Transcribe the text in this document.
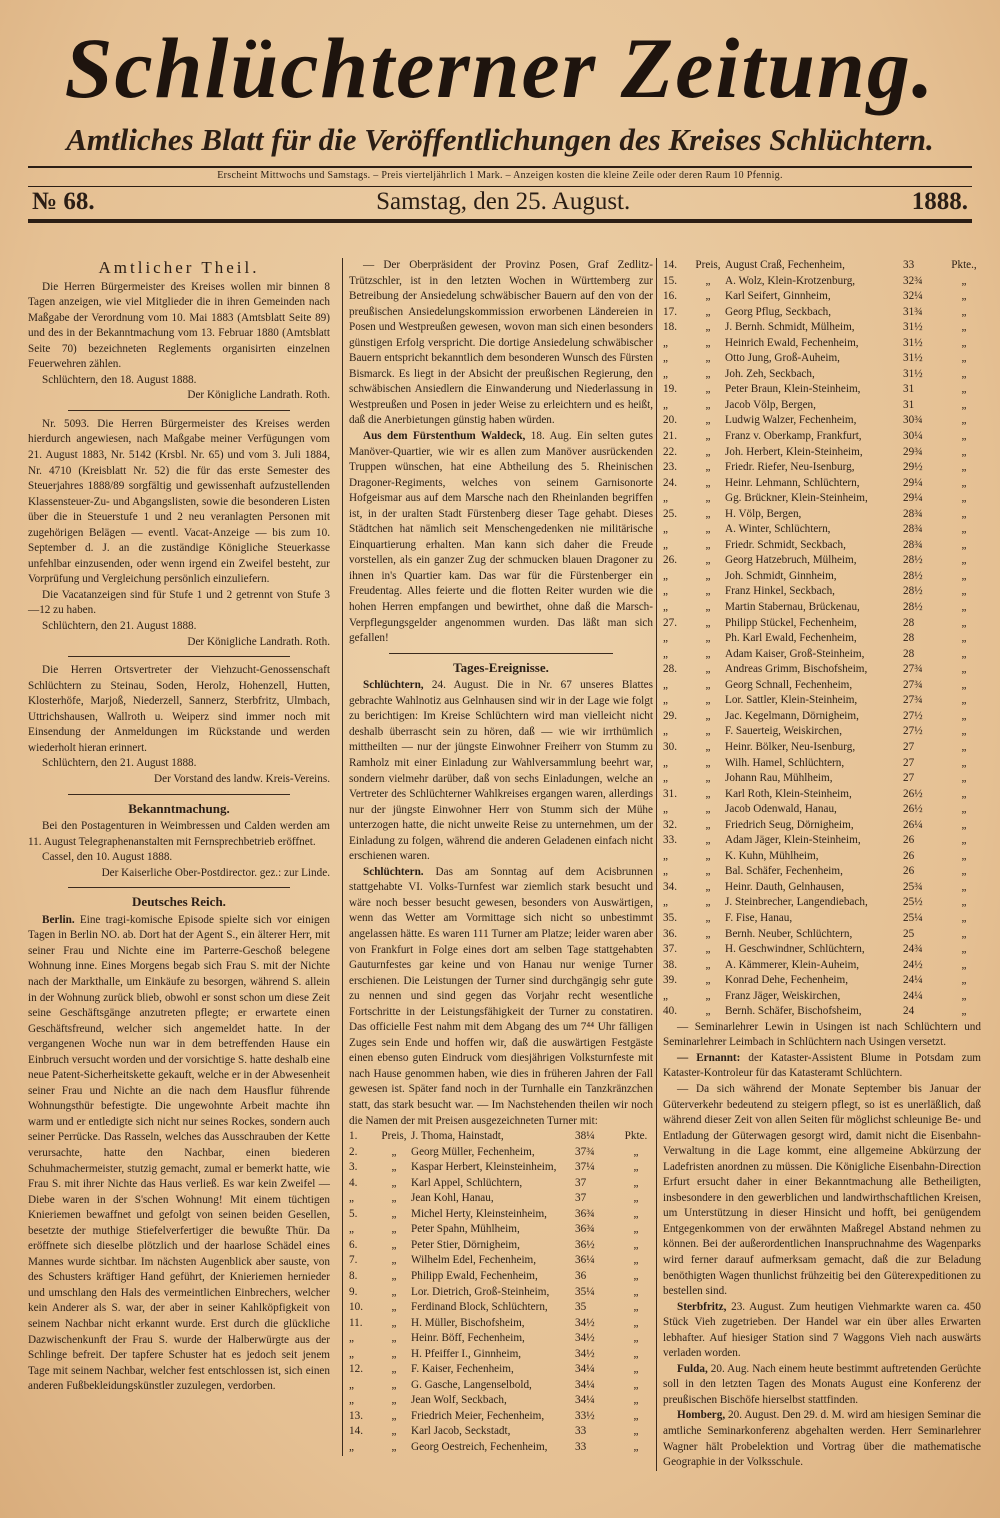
Schlüchterner Zeitung.
Amtliches Blatt für die Veröffentlichungen des Kreises Schlüchtern.
Erscheint Mittwochs und Samstags. – Preis vierteljährlich 1 Mark. – Anzeigen kosten die kleine Zeile oder deren Raum 10 Pfennig.
№ 68.	Samstag, den 25. August.	1888.
Amtlicher Theil.

Die Herren Bürgermeister des Kreises wollen mir binnen 8 Tagen anzeigen, wie viel Mitglieder die in ihren Gemeinden nach Maßgabe der Verordnung vom 10. Mai 1883 (Amtsblatt Seite 89) und des in der Bekanntmachung vom 13. Februar 1880 (Amtsblatt Seite 70) bezeichneten Reglements organisirten einzelnen Feuerwehren zählen.

Schlüchtern, den 18. August 1888.

Der Königliche Landrath. Roth.

Nr. 5093. Die Herren Bürgermeister des Kreises werden hierdurch angewiesen, nach Maßgabe meiner Verfügungen vom 21. August 1883, Nr. 5142 (Krsbl. Nr. 65) und vom 3. Juli 1884, Nr. 4710 (Kreisblatt Nr. 52) die für das erste Semester des Steuerjahres 1888/89 sorgfältig und gewissenhaft aufzustellenden Klassensteuer-Zu- und Abgangslisten, sowie die besonderen Listen über die in Steuerstufe 1 und 2 neu veranlagten Personen mit zugehörigen Belägen — eventl. Vacat-Anzeige — bis zum 10. September d. J. an die zuständige Königliche Steuerkasse unfehlbar einzusenden, oder wenn irgend ein Zweifel besteht, zur Vorprüfung und Vergleichung persönlich einzuliefern.

Die Vacatanzeigen sind für Stufe 1 und 2 getrennt von Stufe 3—12 zu haben.

Schlüchtern, den 21. August 1888.

Der Königliche Landrath. Roth.

Die Herren Ortsvertreter der Viehzucht-Genossenschaft Schlüchtern zu Steinau, Soden, Herolz, Hohenzell, Hutten, Klosterhöfe, Marjoß, Niederzell, Sannerz, Sterbfritz, Ulmbach, Uttrichshausen, Wallroth u. Weiperz sind immer noch mit Einsendung der Anmeldungen im Rückstande und werden wiederholt hieran erinnert.

Schlüchtern, den 21. August 1888.

Der Vorstand des landw. Kreis-Vereins.

Bekanntmachung.

Bei den Postagenturen in Weimbressen und Calden werden am 11. August Telegraphenanstalten mit Fernsprechbetrieb eröffnet.

Cassel, den 10. August 1888.

Der Kaiserliche Ober-Postdirector. gez.: zur Linde.

Deutsches Reich.

Berlin. Eine tragi-komische Episode spielte sich vor einigen Tagen in Berlin NO. ab. Dort hat der Agent S., ein älterer Herr, mit seiner Frau und Nichte eine im Parterre-Geschoß belegene Wohnung inne. Eines Morgens begab sich Frau S. mit der Nichte nach der Markthalle, um Einkäufe zu besorgen, während S. allein in der Wohnung zurück blieb, obwohl er sonst schon um diese Zeit seine Geschäftsgänge anzutreten pflegte; er erwartete einen Geschäftsfreund, welcher sich angemeldet hatte. In der vergangenen Woche nun war in dem betreffenden Hause ein Einbruch versucht worden und der vorsichtige S. hatte deshalb eine neue Patent-Sicherheitskette gekauft, welche er in der Abwesenheit seiner Frau und Nichte an die nach dem Hausflur führende Wohnungsthür befestigte. Die ungewohnte Arbeit machte ihn warm und er entledigte sich nicht nur seines Rockes, sondern auch seiner Perrücke. Das Rasseln, welches das Ausschrauben der Kette verursachte, hatte den Nachbar, einen biederen Schuhmachermeister, stutzig gemacht, zumal er bemerkt hatte, wie Frau S. mit ihrer Nichte das Haus verließ. Es war kein Zweifel — Diebe waren in der S'schen Wohnung! Mit einem tüchtigen Knieriemen bewaffnet und gefolgt von seinen beiden Gesellen, besetzte der muthige Stiefelverfertiger die bewußte Thür. Da eröffnete sich dieselbe plötzlich und der haarlose Schädel eines Mannes wurde sichtbar. Im nächsten Augenblick aber sauste, von des Schusters kräftiger Hand geführt, der Knieriemen hernieder und umschlang den Hals des vermeintlichen Einbrechers, welcher kein Anderer als S. war, der aber in seiner Kahlköpfigkeit von seinem Nachbar nicht erkannt wurde. Erst durch die glückliche Dazwischenkunft der Frau S. wurde der Halberwürgte aus der Schlinge befreit. Der tapfere Schuster hat es jedoch seit jenem Tage mit seinem Nachbar, welcher fest entschlossen ist, sich einen anderen Fußbekleidungskünstler zuzulegen, verdorben.

— Der Oberpräsident der Provinz Posen, Graf Zedlitz-Trützschler, ist in den letzten Wochen in Württemberg zur Betreibung der Ansiedelung schwäbischer Bauern auf den von der preußischen Ansiedelungskommission erworbenen Ländereien in Posen und Westpreußen gewesen, wovon man sich einen besonders günstigen Erfolg verspricht. Die dortige Ansiedelung schwäbischer Bauern entspricht bekanntlich dem besonderen Wunsch des Fürsten Bismarck. Es liegt in der Absicht der preußischen Regierung, den schwäbischen Ansiedlern die Einwanderung und Niederlassung in Westpreußen und Posen in jeder Weise zu erleichtern und es heißt, daß die Anerbietungen günstig haben würden.

Aus dem Fürstenthum Waldeck, 18. Aug. Ein selten gutes Manöver-Quartier, wie wir es allen zum Manöver ausrückenden Truppen wünschen, hat eine Abtheilung des 5. Rheinischen Dragoner-Regiments, welches von seinem Garnisonorte Hofgeismar aus auf dem Marsche nach den Rheinlanden begriffen ist, in der uralten Stadt Fürstenberg dieser Tage gehabt. Dieses Städtchen hat nämlich seit Menschengedenken nie militärische Einquartierung erhalten. Man kann sich daher die Freude vorstellen, als ein ganzer Zug der schmucken blauen Dragoner zu ihnen in's Quartier kam. Das war für die Fürstenberger ein Freudentag. Alles feierte und die flotten Reiter wurden wie die hohen Herren empfangen und bewirthet, ohne daß die Marsch-Verpflegungsgelder angenommen wurden. Das läßt man sich gefallen!

Tages-Ereignisse.

Schlüchtern, 24. August. Die in Nr. 67 unseres Blattes gebrachte Wahlnotiz aus Gelnhausen sind wir in der Lage wie folgt zu berichtigen: Im Kreise Schlüchtern wird man vielleicht nicht deshalb überrascht sein zu hören, daß — wie wir irrthümlich mittheilten — nur der jüngste Einwohner Freiherr von Stumm zu Ramholz mit einer Einladung zur Wahlversammlung beehrt war, sondern vielmehr darüber, daß von sechs Einladungen, welche an Vertreter des Schlüchterner Wahlkreises ergangen waren, allerdings nur der jüngste Einwohner Herr von Stumm sich der Mühe unterzogen hatte, die nicht unweite Reise zu unternehmen, um der Einladung zu folgen, während die anderen Geladenen einfach nicht erschienen waren.

Schlüchtern. Das am Sonntag auf dem Acisbrunnen stattgehabte VI. Volks-Turnfest war ziemlich stark besucht und wäre noch besser besucht gewesen, besonders von Auswärtigen, wenn das Wetter am Vormittage sich nicht so unbestimmt angelassen hätte. Es waren 111 Turner am Platze; leider waren aber von Frankfurt in Folge eines dort am selben Tage stattgehabten Gauturnfestes gar keine und von Hanau nur wenige Turner erschienen. Die Leistungen der Turner sind durchgängig sehr gute zu nennen und sind gegen das Vorjahr recht wesentliche Fortschritte in der Leistungsfähigkeit der Turner zu constatiren. Das officielle Fest nahm mit dem Abgang des um 7⁴⁴ Uhr fälligen Zuges sein Ende und hoffen wir, daß die auswärtigen Festgäste einen ebenso guten Eindruck vom diesjährigen Volksturnfeste mit nach Hause genommen haben, wie dies in früheren Jahren der Fall gewesen ist. Später fand noch in der Turnhalle ein Tanzkränzchen statt, das stark besucht war. — Im Nachstehenden theilen wir noch die Namen der mit Preisen ausgezeichneten Turner mit:

1.	Preis,	J. Thoma, Hainstadt,	38¼	Pkte.
2.	„	Georg Müller, Fechenheim,	37¾	„
3.	„	Kaspar Herbert, Kleinsteinheim,	37¼	„
4.	„	Karl Appel, Schlüchtern,	37	„
„	„	Jean Kohl, Hanau,	37	„
5.	„	Michel Herty, Kleinsteinheim,	36¾	„
„	„	Peter Spahn, Mühlheim,	36¾	„
6.	„	Peter Stier, Dörnigheim,	36½	„
7.	„	Wilhelm Edel, Fechenheim,	36¼	„
8.	„	Philipp Ewald, Fechenheim,	36	„
9.	„	Lor. Dietrich, Groß-Steinheim,	35¼	„
10.	„	Ferdinand Block, Schlüchtern,	35	„
11.	„	H. Müller, Bischofsheim,	34½	„
„	„	Heinr. Böff, Fechenheim,	34½	„
„	„	H. Pfeiffer I., Ginnheim,	34½	„
12.	„	F. Kaiser, Fechenheim,	34¼	„
„	„	G. Gasche, Langenselbold,	34¼	„
„	„	Jean Wolf, Seckbach,	34¼	„
13.	„	Friedrich Meier, Fechenheim,	33½	„
14.	„	Karl Jacob, Seckstadt,	33	„
„	„	Georg Oestreich, Fechenheim,	33	„
14.	Preis,	August Craß, Fechenheim,	33	Pkte.,
15.	„	A. Wolz, Klein-Krotzenburg,	32¾	„
16.	„	Karl Seifert, Ginnheim,	32¼	„
17.	„	Georg Pflug, Seckbach,	31¾	„
18.	„	J. Bernh. Schmidt, Mülheim,	31½	„
„	„	Heinrich Ewald, Fechenheim,	31½	„
„	„	Otto Jung, Groß-Auheim,	31½	„
„	„	Joh. Zeh, Seckbach,	31½	„
19.	„	Peter Braun, Klein-Steinheim,	31	„
„	„	Jacob Völp, Bergen,	31	„
20.	„	Ludwig Walzer, Fechenheim,	30¾	„
21.	„	Franz v. Oberkamp, Frankfurt,	30¼	„
22.	„	Joh. Herbert, Klein-Steinheim,	29¾	„
23.	„	Friedr. Riefer, Neu-Isenburg,	29½	„
24.	„	Heinr. Lehmann, Schlüchtern,	29¼	„
„	„	Gg. Brückner, Klein-Steinheim,	29¼	„
25.	„	H. Völp, Bergen,	28¾	„
„	„	A. Winter, Schlüchtern,	28¾	„
„	„	Friedr. Schmidt, Seckbach,	28¾	„
26.	„	Georg Hatzebruch, Mülheim,	28½	„
„	„	Joh. Schmidt, Ginnheim,	28½	„
„	„	Franz Hinkel, Seckbach,	28½	„
„	„	Martin Stabernau, Brückenau,	28½	„
27.	„	Philipp Stückel, Fechenheim,	28	„
„	„	Ph. Karl Ewald, Fechenheim,	28	„
„	„	Adam Kaiser, Groß-Steinheim,	28	„
28.	„	Andreas Grimm, Bischofsheim,	27¾	„
„	„	Georg Schnall, Fechenheim,	27¾	„
„	„	Lor. Sattler, Klein-Steinheim,	27¾	„
29.	„	Jac. Kegelmann, Dörnigheim,	27½	„
„	„	F. Sauerteig, Weiskirchen,	27½	„
30.	„	Heinr. Bölker, Neu-Isenburg,	27	„
„	„	Wilh. Hamel, Schlüchtern,	27	„
„	„	Johann Rau, Mühlheim,	27	„
31.	„	Karl Roth, Klein-Steinheim,	26½	„
„	„	Jacob Odenwald, Hanau,	26½	„
32.	„	Friedrich Seug, Dörnigheim,	26¼	„
33.	„	Adam Jäger, Klein-Steinheim,	26	„
„	„	K. Kuhn, Mühlheim,	26	„
„	„	Bal. Schäfer, Fechenheim,	26	„
34.	„	Heinr. Dauth, Gelnhausen,	25¾	„
„	„	J. Steinbrecher, Langendiebach,	25½	„
35.	„	F. Fise, Hanau,	25¼	„
36.	„	Bernh. Neuber, Schlüchtern,	25	„
37.	„	H. Geschwindner, Schlüchtern,	24¾	„
38.	„	A. Kämmerer, Klein-Auheim,	24½	„
39.	„	Konrad Dehe, Fechenheim,	24¼	„
„	„	Franz Jäger, Weiskirchen,	24¼	„
40.	„	Bernh. Schäfer, Bischofsheim,	24	„

— Seminarlehrer Lewin in Usingen ist nach Schlüchtern und Seminarlehrer Leimbach in Schlüchtern nach Usingen versetzt.

— Ernannt: der Kataster-Assistent Blume in Potsdam zum Kataster-Kontroleur für das Katasteramt Schlüchtern.

— Da sich während der Monate September bis Januar der Güterverkehr bedeutend zu steigern pflegt, so ist es unerläßlich, daß während dieser Zeit von allen Seiten für möglichst schleunige Be- und Entladung der Güterwagen gesorgt wird, damit nicht die Eisenbahn-Verwaltung in die Lage kommt, eine allgemeine Abkürzung der Ladefristen anordnen zu müssen. Die Königliche Eisenbahn-Direction Erfurt ersucht daher in einer Bekanntmachung alle Betheiligten, insbesondere in den gewerblichen und landwirthschaftlichen Kreisen, um Unterstützung in dieser Hinsicht und hofft, bei genügendem Entgegenkommen von der erwähnten Maßregel Abstand nehmen zu können. Bei der außerordentlichen Inanspruchnahme des Wagenparks wird ferner darauf aufmerksam gemacht, daß die zur Beladung benöthigten Wagen thunlichst frühzeitig bei den Güterexpeditionen zu bestellen sind.

Sterbfritz, 23. August. Zum heutigen Viehmarkte waren ca. 450 Stück Vieh zugetrieben. Der Handel war ein über alles Erwarten lebhafter. Auf hiesiger Station sind 7 Waggons Vieh nach auswärts verladen worden.

Fulda, 20. Aug. Nach einem heute bestimmt auftretenden Gerüchte soll in den letzten Tagen des Monats August eine Konferenz der preußischen Bischöfe hierselbst stattfinden.

Homberg, 20. August. Den 29. d. M. wird am hiesigen Seminar die amtliche Seminarkonferenz abgehalten werden. Herr Seminarlehrer Wagner hält Probelektion und Vortrag über die mathematische Geographie in der Volksschule.
